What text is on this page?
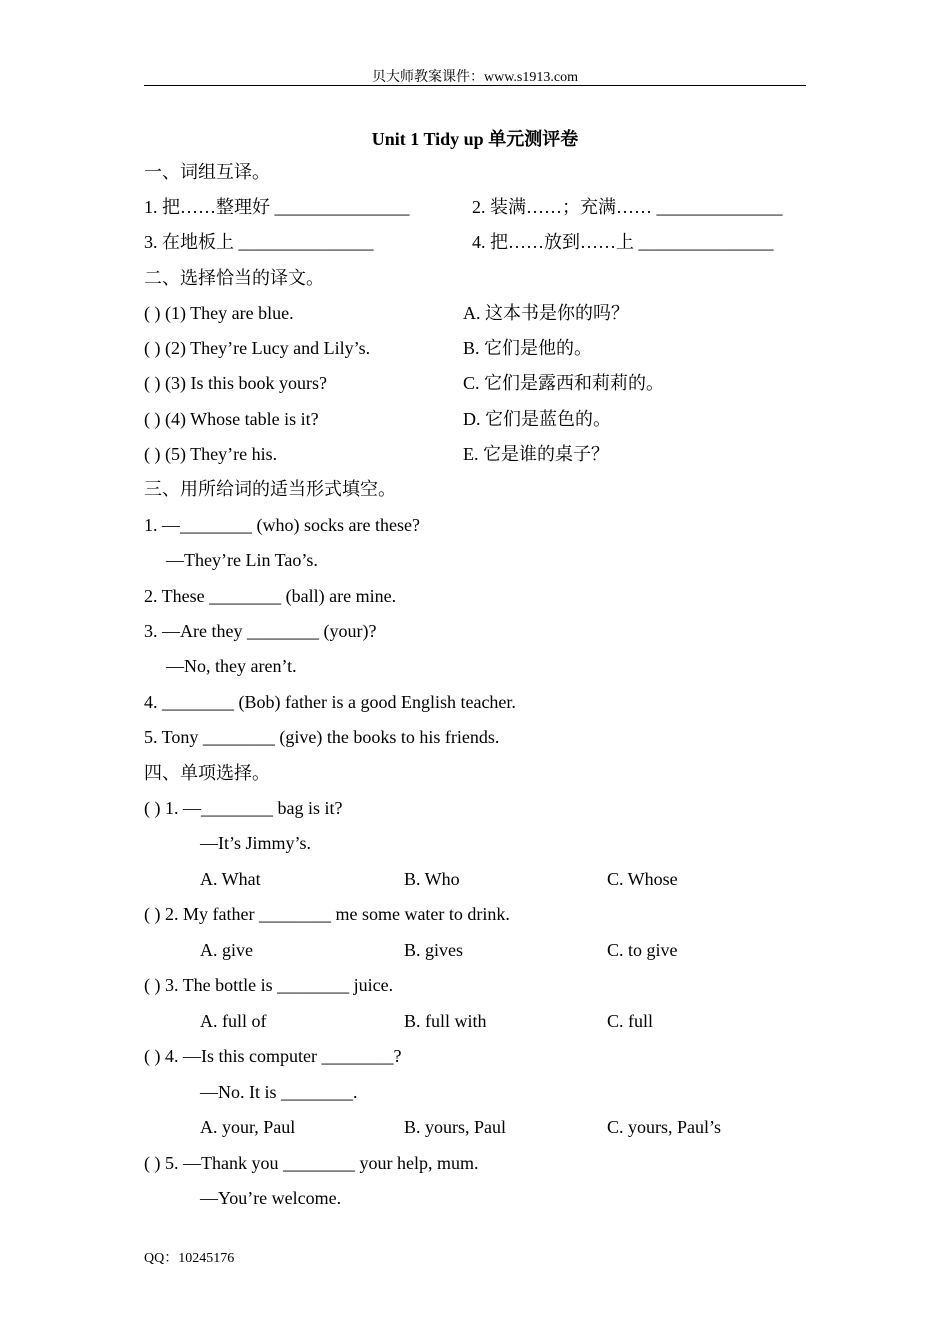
贝大师教案课件：www.s1913.com
Unit 1 Tidy up 单元测评卷
一、词组互译。
1. 把……整理好 _______________	2. 装满……；充满…… ______________
3. 在地板上 _______________	4. 把……放到……上 _______________
二、选择恰当的译文。
( ) (1) They are blue.	A. 这本书是你的吗？
( ) (2) They’re Lucy and Lily’s.	B. 它们是他的。
( ) (3) Is this book yours?	C. 它们是露西和莉莉的。
( ) (4) Whose table is it?	D. 它们是蓝色的。
( ) (5) They’re his.	E. 它是谁的桌子？
三、用所给词的适当形式填空。
1. —________ (who) socks are these?
—They’re Lin Tao’s.
2. These ________ (ball) are mine.
3. —Are they ________ (your)?
—No, they aren’t.
4. ________ (Bob) father is a good English teacher.
5. Tony ________ (give) the books to his friends.
四、单项选择。
( ) 1. —________ bag is it?
—It’s Jimmy’s.
A. What	B. Who	C. Whose
( ) 2. My father ________ me some water to drink.
A. give	B. gives	C. to give
( ) 3. The bottle is ________ juice.
A. full of	B. full with	C. full
( ) 4. —Is this computer ________?
—No. It is ________.
A. your, Paul	B. yours, Paul	C. yours, Paul’s
( ) 5. —Thank you ________ your help, mum.
—You’re welcome.
QQ：10245176
